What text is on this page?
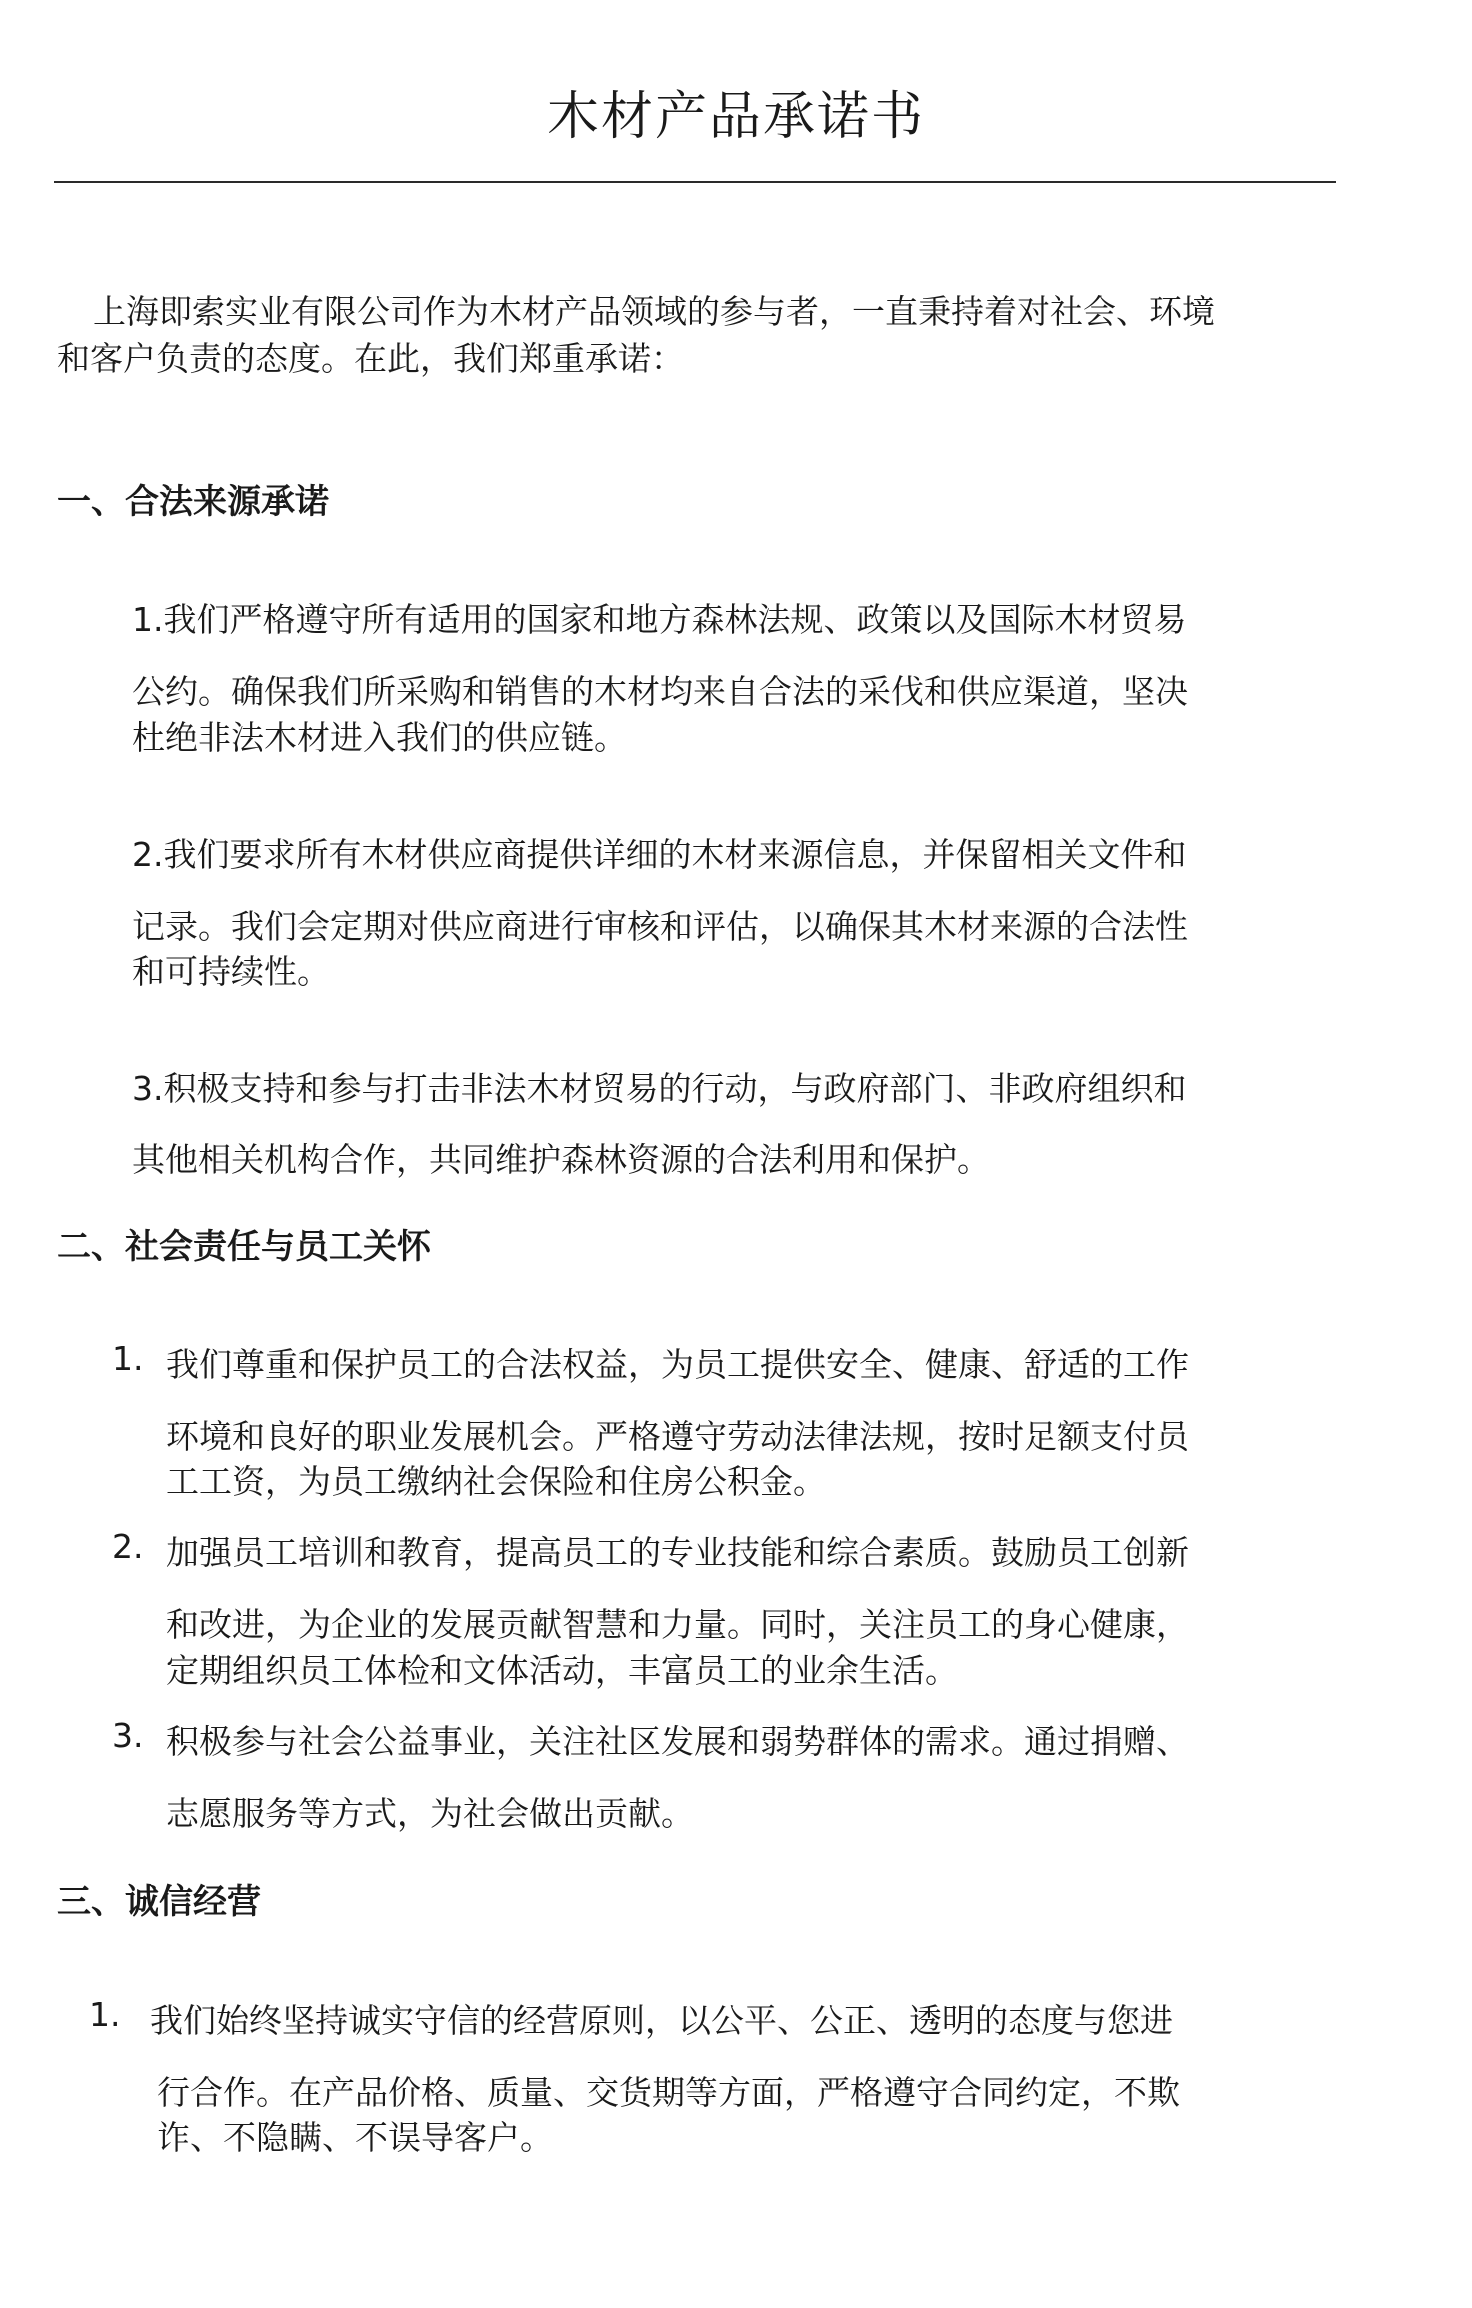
木材产品承诺书
上海即索实业有限公司作为木材产品领域的参与者，一直秉持着对社会、环境
和客户负责的态度。在此，我们郑重承诺：
一、合法来源承诺
1.我们严格遵守所有适用的国家和地方森林法规、政策以及国际木材贸易
公约。确保我们所采购和销售的木材均来自合法的采伐和供应渠道，坚决
杜绝非法木材进入我们的供应链。
2.我们要求所有木材供应商提供详细的木材来源信息，并保留相关文件和
记录。我们会定期对供应商进行审核和评估，以确保其木材来源的合法性
和可持续性。
3.积极支持和参与打击非法木材贸易的行动，与政府部门、非政府组织和
其他相关机构合作，共同维护森林资源的合法利用和保护。
二、社会责任与员工关怀
1. 我们尊重和保护员工的合法权益，为员工提供安全、健康、舒适的工作
环境和良好的职业发展机会。严格遵守劳动法律法规，按时足额支付员
工工资，为员工缴纳社会保险和住房公积金。
2. 加强员工培训和教育，提高员工的专业技能和综合素质。鼓励员工创新
和改进，为企业的发展贡献智慧和力量。同时，关注员工的身心健康，
定期组织员工体检和文体活动，丰富员工的业余生活。
3. 积极参与社会公益事业，关注社区发展和弱势群体的需求。通过捐赠、
志愿服务等方式，为社会做出贡献。
三、诚信经营
1. 我们始终坚持诚实守信的经营原则，以公平、公正、透明的态度与您进
行合作。在产品价格、质量、交货期等方面，严格遵守合同约定，不欺
诈、不隐瞒、不误导客户。
